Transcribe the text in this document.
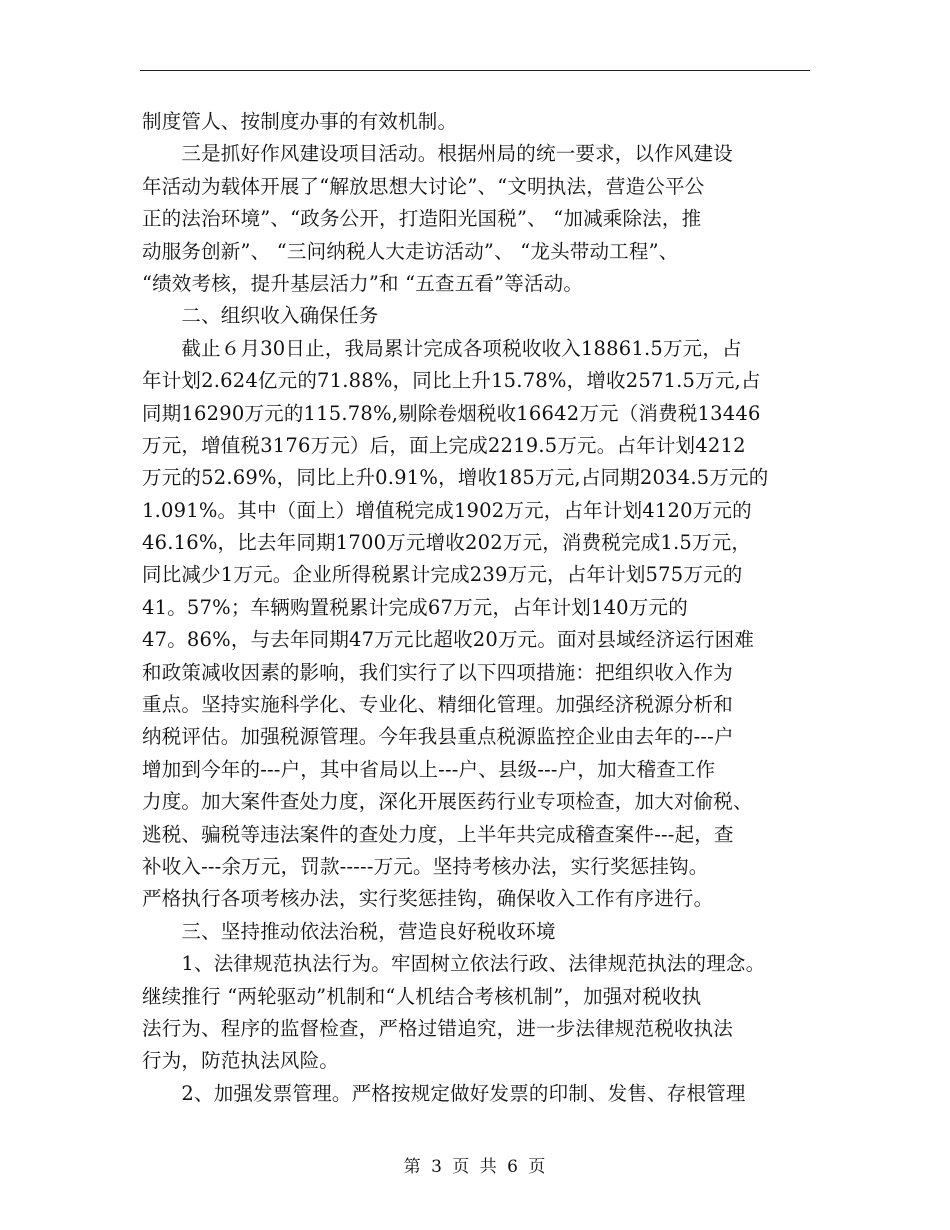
制度管人、按制度办事的有效机制。
　　三是抓好作风建设项目活动。根据州局的统一要求，以作风建设
年活动为载体开展了“解放思想大讨论”、“文明执法，营造公平公
正的法治环境”、“政务公开，打造阳光国税”、 “加减乘除法，推
动服务创新”、 “三问纳税人大走访活动”、 “龙头带动工程”、
“绩效考核，提升基层活力”和 “五查五看”等活动。
　　二、组织收入确保任务
　　截止６月30日止，我局累计完成各项税收收入18861.5万元，占
年计划2.624亿元的71.88%，同比上升15.78%，增收2571.5万元,占
同期16290万元的115.78%,剔除卷烟税收16642万元（消费税13446
万元，增值税3176万元）后，面上完成2219.5万元。占年计划4212
万元的52.69%，同比上升0.91%，增收185万元,占同期2034.5万元的
1.091%。其中（面上）增值税完成1902万元，占年计划4120万元的
46.16%，比去年同期1700万元增收202万元，消费税完成1.5万元，
同比减少1万元。企业所得税累计完成239万元，占年计划575万元的
41。57%；车辆购置税累计完成67万元，占年计划140万元的
47。86%，与去年同期47万元比超收20万元。面对县域经济运行困难
和政策减收因素的影响，我们实行了以下四项措施：把组织收入作为
重点。坚持实施科学化、专业化、精细化管理。加强经济税源分析和
纳税评估。加强税源管理。今年我县重点税源监控企业由去年的---户
增加到今年的---户，其中省局以上---户、县级---户，加大稽查工作
力度。加大案件查处力度，深化开展医药行业专项检查，加大对偷税、
逃税、骗税等违法案件的查处力度，上半年共完成稽查案件---起，查
补收入---余万元，罚款-----万元。坚持考核办法，实行奖惩挂钩。
严格执行各项考核办法，实行奖惩挂钩，确保收入工作有序进行。
　　三、坚持推动依法治税，营造良好税收环境
　　1、法律规范执法行为。牢固树立依法行政、法律规范执法的理念。
继续推行 “两轮驱动”机制和“人机结合考核机制”，加强对税收执
法行为、程序的监督检查，严格过错追究，进一步法律规范税收执法
行为，防范执法风险。
　　2、加强发票管理。严格按规定做好发票的印制、发售、存根管理
第 3 页 共 6 页
